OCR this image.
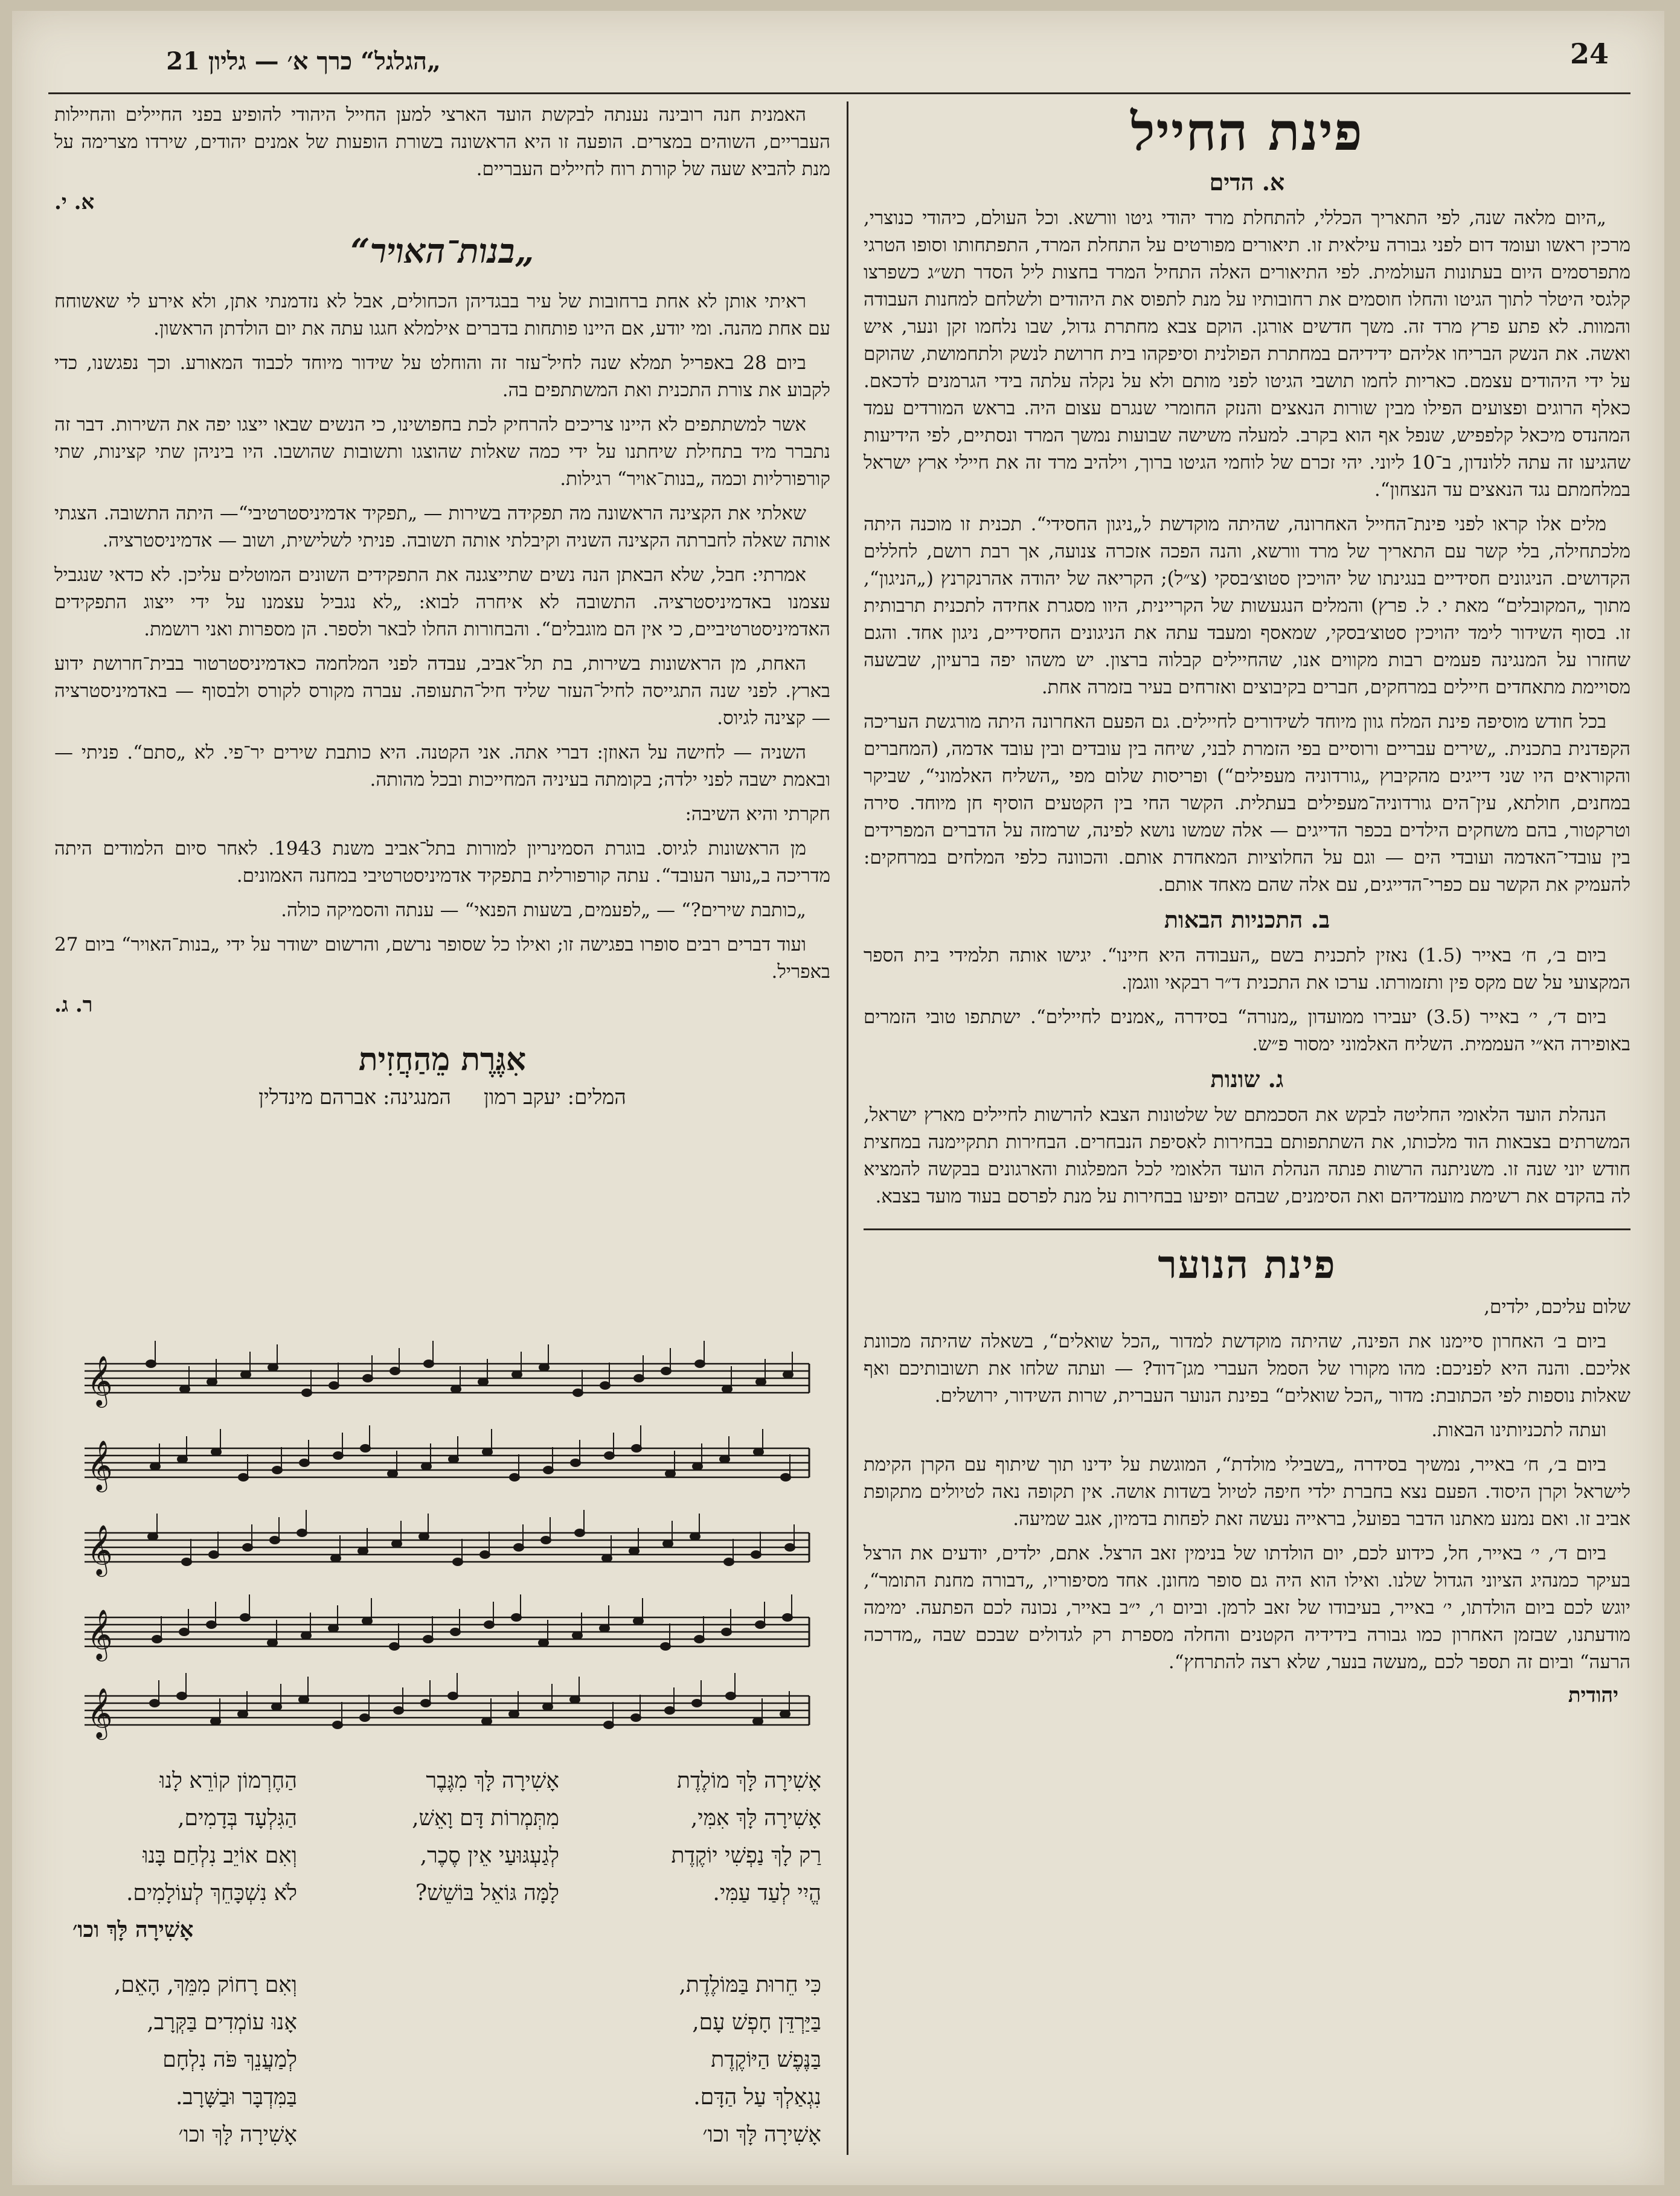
„הגלגל“ כרך א׳ — גליון 21	24
פינת החייל
א. הדים

„היום מלאה שנה, לפי התאריך הכללי, להתחלת מרד יהודי גיטו וורשא. וכל העולם, כיהודי כנוצרי, מרכין ראשו ועומד דום לפני גבורה עילאית זו. תיאורים מפורטים על התחלת המרד, התפתחותו וסופו הטרגי מתפרסמים היום בעתונות העולמית. לפי התיאורים האלה התחיל המרד בחצות ליל הסדר תש״ג כשפרצו קלגסי היטלר לתוך הגיטו והחלו חוסמים את רחובותיו על מנת לתפוס את היהודים ולשלחם למחנות העבודה והמוות. לא פתע פרץ מרד זה. משך חדשים אורגן. הוקם צבא מחתרת גדול, שבו נלחמו זקן ונער, איש ואשה. את הנשק הבריחו אליהם ידידיהם במחתרת הפולנית וסיפקהו בית חרושת לנשק ולתחמושת, שהוקם על ידי היהודים עצמם. כאריות לחמו תושבי הגיטו לפני מותם ולא על נקלה עלתה בידי הגרמנים לדכאם. כאלף הרוגים ופצועים הפילו מבין שורות הנאצים והנזק החומרי שנגרם עצום היה. בראש המורדים עמד המהנדס מיכאל קלפפיש, שנפל אף הוא בקרב. למעלה משישה שבועות נמשך המרד ונסתיים, לפי הידיעות שהגיעו זה עתה ללונדון, ב־10 ליוני. יהי זכרם של לוחמי הגיטו ברוך, וילהיב מרד זה את חיילי ארץ ישראל במלחמתם נגד הנאצים עד הנצחון“.

מלים אלו קראו לפני פינת־החייל האחרונה, שהיתה מוקדשת ל„ניגון החסידי“. תכנית זו מוכנה היתה מלכתחילה, בלי קשר עם התאריך של מרד וורשא, והנה הפכה אזכרה צנועה, אך רבת רושם, לחללים הקדושים. הניגונים חסידיים בנגינתו של יהויכין סטוצ׳בסקי (צ״ל); הקריאה של יהודה אהרנקרנץ („הניגון“, מתוך „המקובלים“ מאת י. ל. פרץ) והמלים הנגעשות של הקריינית, היוו מסגרת אחידה לתכנית תרבותית זו. בסוף השידור לימד יהויכין סטוצ׳בסקי, שמאסף ומעבד עתה את הניגונים החסידיים, ניגון אחד. והגם שחזרו על המנגינה פעמים רבות מקווים אנו, שהחיילים קבלוה ברצון. יש משהו יפה ברעיון, שבשעה מסויימת מתאחדים חיילים במרחקים, חברים בקיבוצים ואזרחים בעיר בזמרה אחת.

בכל חודש מוסיפה פינת המלח גוון מיוחד לשידורים לחיילים. גם הפעם האחרונה היתה מורגשת העריכה הקפדנית בתכנית. „שירים עבריים ורוסיים בפי הזמרת לבני, שיחה בין עובדים ובין עובד אדמה, (המחברים והקוראים היו שני דייגים מהקיבוץ „גורדוניה מעפילים“) ופריסות שלום מפי „השליח האלמוני“, שביקר במחנים, חולתא, עין־הים גורדוניה־מעפילים בעתלית. הקשר החי בין הקטעים הוסיף חן מיוחד. סירה וטרקטור, בהם משחקים הילדים בכפר הדייגים — אלה שמשו נושא לפינה, שרמזה על הדברים המפרידים בין עובדי־האדמה ועובדי הים — וגם על החלוציות המאחדת אותם. והכוונה כלפי המלחים במרחקים: להעמיק את הקשר עם כפרי־הדייגים, עם אלה שהם מאחד אותם.

ב. התכניות הבאות

ביום ב׳, ח׳ באייר (1.5) נאזין לתכנית בשם „העבודה היא חיינו“. יגישו אותה תלמידי בית הספר המקצועי על שם מקס פין ותזמורתו. ערכו את התכנית ד״ר רבקאי ווגמן.

ביום ד׳, י׳ באייר (3.5) יעבירו ממועדון „מנורה“ בסידרה „אמנים לחיילים“. ישתתפו טובי הזמרים באופירה הא״י העממית. השליח האלמוני ימסור פ״ש.

ג. שונות

הנהלת הועד הלאומי החליטה לבקש את הסכמתם של שלטונות הצבא להרשות לחיילים מארץ ישראל, המשרתים בצבאות הוד מלכותו, את השתתפותם בבחירות לאסיפת הנבחרים. הבחירות תתקיימנה במחצית חודש יוני שנה זו. משניתנה הרשות פנתה הנהלת הועד הלאומי לכל המפלגות והארגונים בבקשה להמציא לה בהקדם את רשימת מועמדיהם ואת הסימנים, שבהם יופיעו בבחירות על מנת לפרסם בעוד מועד בצבא.

פינת הנוער

שלום עליכם, ילדים,

ביום ב׳ האחרון סיימנו את הפינה, שהיתה מוקדשת למדור „הכל שואלים“, בשאלה שהיתה מכוונת אליכם. והנה היא לפניכם: מהו מקורו של הסמל העברי מגן־דוד? — ועתה שלחו את תשובותיכם ואף שאלות נוספות לפי הכתובת: מדור „הכל שואלים“ בפינת הנוער העברית, שרות השידור, ירושלים.

ועתה לתכניותינו הבאות.

ביום ב׳, ח׳ באייר, נמשיך בסידרה „בשבילי מולדת“, המוגשת על ידינו תוך שיתוף עם הקרן הקימת לישראל וקרן היסוד. הפעם נצא בחברת ילדי חיפה לטיול בשדות אושה. אין תקופה נאה לטיולים מתקופת אביב זו. ואם נמנע מאתנו הדבר בפועל, בראייה נעשה זאת לפחות בדמיון, אגב שמיעה.

ביום ד׳, י׳ באייר, חל, כידוע לכם, יום הולדתו של בנימין זאב הרצל. אתם, ילדים, יודעים את הרצל בעיקר כמנהיג הציוני הגדול שלנו. ואילו הוא היה גם סופר מחונן. אחד מסיפוריו, „דבורה מחנת התומר“, יוגש לכם ביום הולדתו, י׳ באייר, בעיבודו של זאב לרמן. וביום ו׳, י״ב באייר, נכונה לכם הפתעה. ימימה מודעתנו, שבזמן האחרון כמו גבורה בידידיה הקטנים והחלה מספרת רק לגדולים שבכם שבה „מדרכה הרעה“ וביום זה תספר לכם „מעשה בנער, שלא רצה להתרחץ“.

יהודית

האמנית חנה רובינה נענתה לבקשת הועד הארצי למען החייל היהודי להופיע בפני החיילים והחיילות העבריים, השוהים במצרים. הופעה זו היא הראשונה בשורת הופעות של אמנים יהודים, שירדו מצרימה על מנת להביא שעה של קורת רוח לחיילים העבריים.

א. י.
„בנות־האויר“

ראיתי אותן לא אחת ברחובות של עיר בבגדיהן הכחולים, אבל לא נזדמנתי אתן, ולא אירע לי שאשוחח עם אחת מהנה. ומי יודע, אם היינו פותחות בדברים אילמלא חגגו עתה את יום הולדתן הראשון.

ביום 28 באפריל תמלא שנה לחיל־עזר זה והוחלט על שידור מיוחד לכבוד המאורע. וכך נפגשנו, כדי לקבוע את צורת התכנית ואת המשתתפים בה.

אשר למשתתפים לא היינו צריכים להרחיק לכת בחפושינו, כי הנשים שבאו ייצגו יפה את השירות. דבר זה נתברר מיד בתחילת שיחתנו על ידי כמה שאלות שהוצגו ותשובות שהושבו. היו ביניהן שתי קצינות, שתי קורפורליות וכמה „בנות־אויר“ רגילות.

שאלתי את הקצינה הראשונה מה תפקידה בשירות — „תפקיד אדמיניסטרטיבי“— היתה התשובה. הצגתי אותה שאלה לחברתה הקצינה השניה וקיבלתי אותה תשובה. פניתי לשלישית, ושוב — אדמיניסטרציה.

אמרתי: חבל, שלא הבאתן הנה נשים שתייצגנה את התפקידים השונים המוטלים עליכן. לא כדאי שנגביל עצמנו באדמיניסטרציה. התשובה לא איחרה לבוא: „לא נגביל עצמנו על ידי ייצוג התפקידים האדמיניסטרטיביים, כי אין הם מוגבלים“. והבחורות החלו לבאר ולספר. הן מספרות ואני רושמת.

האחת, מן הראשונות בשירות, בת תל־אביב, עבדה לפני המלחמה כאדמיניסטרטור בבית־חרושת ידוע בארץ. לפני שנה התגייסה לחיל־העזר שליד חיל־התעופה. עברה מקורס לקורס ולבסוף — באדמיניסטרציה — קצינה לגיוס.

השניה — לחישה על האוזן: דברי אתה. אני הקטנה. היא כותבת שירים יר־פי. לא „סתם“. פניתי — ובאמת ישבה לפני ילדה; בקומתה בעיניה המחייכות ובכל מהותה.

חקרתי והיא השיבה:

מן הראשונות לגיוס. בוגרת הסמינריון למורות בתל־אביב משנת 1943. לאחר סיום הלמודים היתה מדריכה ב„נוער העובד“. עתה קורפורלית בתפקיד אדמיניסטרטיבי במחנה האמונים.

„כותבת שירים?“ — „לפעמים, בשעות הפנאי“ — ענתה והסמיקה כולה.

ועוד דברים רבים סופרו בפגישה זו; ואילו כל שסופר נרשם, והרשום ישודר על ידי „בנות־האויר“ ביום 27 באפריל.

ר. ג.
אִגֶּרֶת מֵהַחֲזִית
המלים: יעקב רמון     המנגינה: אברהם מינדלין
𝄞
𝄞
𝄞
𝄞
𝄞
אָשִׁירָה לָּךְ מוֹלֶדֶת
אָשִׁירָה לָּךְ אִמִּי,
רַק לָךְ נַפְשִׁי יוֹקֶדֶת
הֱיִי לְעַד עַמִּי.
אָשִׁירָה לָּךְ מִגֶּבֶר
מִתְּמְרוֹת דָּם וָאֵשׁ,
לְגַעְגּוּעַי אֵין סֶכֶר,
לָמָּה גּוֹאֵל בּוֹשֵׁשׁ?
הַחֶרְמוֹן קוֹרֵא לָנוּ
הַגִּלְעָד בְּדָמִים,
וְאִם אוֹיֵב נִלְחַם בָּנוּ
לֹא נִשְׁכָּחֵךְ לְעוֹלָמִים.
אָשִׁירָה לָּךְ וכו׳
כִּי חֵרוּת בַּמּוֹלֶדֶת,
בַּיַּרְדֵּן חָפְשׁ עָם,
בַּנֶּפֶשׁ הַיּוֹקֶדֶת
נִגְאַלְךְ עַל הַדָּם.
אָשִׁירָה לָּךְ וכו׳
וְאִם רָחוֹק מִמֵּךְ, הָאֵם,
אָנוּ עוֹמְדִים בַּקְּרָב,
לְמַעֲנֵךְ פֹּה נִלְחָם
בַּמִּדְבָּר וּבַשָּׁרָב.
אָשִׁירָה לָּךְ וכו׳
